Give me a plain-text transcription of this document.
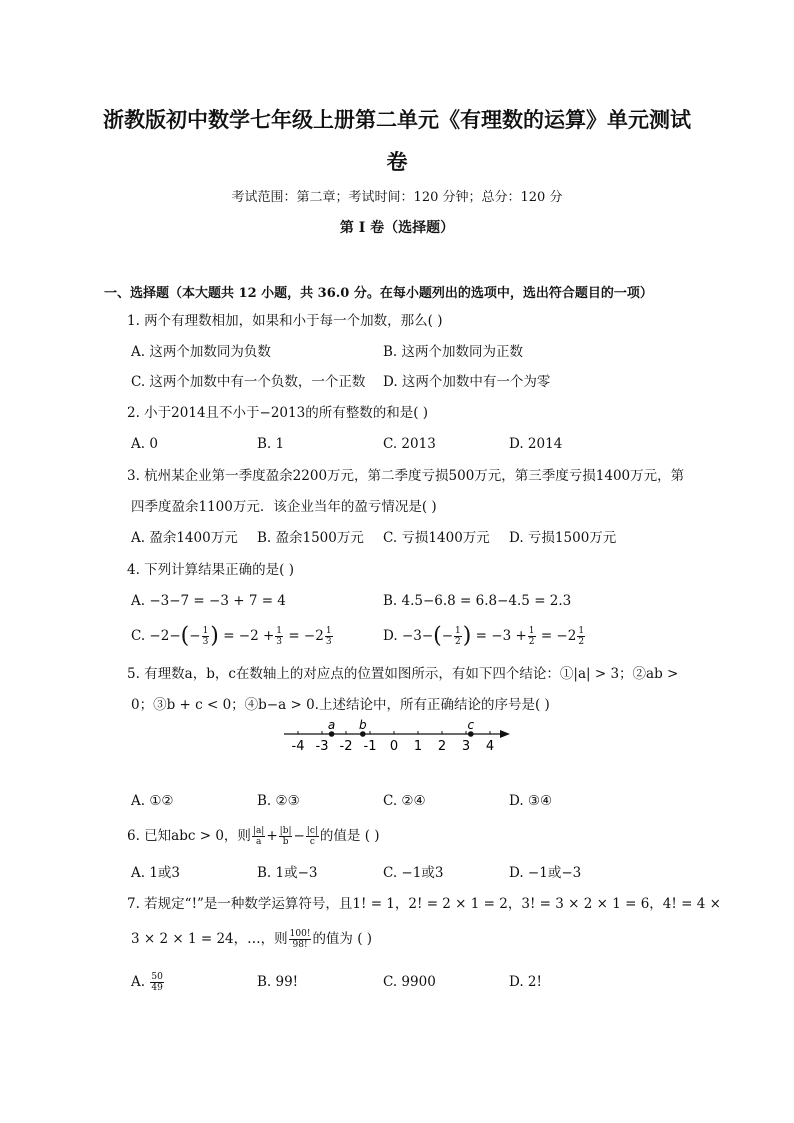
浙教版初中数学七年级上册第二单元《有理数的运算》单元测试
卷
考试范围：第二章；考试时间：120 分钟；总分：120 分
第 I 卷（选择题）
一、选择题（本大题共 12 小题，共 36.0 分。在每小题列出的选项中，选出符合题目的一项）
1. 两个有理数相加，如果和小于每一个加数，那么( )
A. 这两个加数同为负数	B. 这两个加数同为正数
C. 这两个加数中有一个负数，一个正数 D. 这两个加数中有一个为零
2. 小于2014且不小于−2013的所有整数的和是( )
A. 0	B. 1	C. 2013	D. 2014
3. 杭州某企业第一季度盈余2200万元，第二季度亏损500万元，第三季度亏损1400万元，第
四季度盈余1100万元．该企业当年的盈亏情况是( )
A. 盈余1400万元 B. 盈余1500万元 C. 亏损1400万元 D. 亏损1500万元
4. 下列计算结果正确的是( )
A. −3−7 = −3 + 7 = 4	B. 4.5−6.8 = 6.8−4.5 = 2.3
C. $-2-(- \frac{1}{3}$ ) = $-2 + \frac{1}{3} = -2 \frac{1}{3}$	D. $-3-(- \frac{1}{2}$ ) = $-3 + \frac{1}{2} = -2 \frac{1}{2}$
5. 有理数a，b，c在数轴上的对应点的位置如图所示，有如下四个结论：①|a| > 3；②ab >
0；③b + c < 0；④b−a > 0.上述结论中，所有正确结论的序号是( )
-4 -3 -2 -1 0 1 2 3 4
a b	c
A. ①②	B. ②③	C. ②④	D. ③④
6. 已知abc > 0，则 $\frac{|a|}{a} + \frac{|b|}{b} - \frac{|c|}{c}$ 的值是 ( )
A. 1或3	B. 1或−3	C. −1或3	D. −1或−3
7. 若规定“!”是一种数学运算符号，且1! = 1，2! = 2 × 1 = 2，3! = 3 × 2 × 1 = 6，4! = 4 ×
3 × 2 × 1 = 24，…，则 $\frac{100!}{98!}$ 的值为 ( )
A. $\frac{50}{49}$	B. 99!	C. 9900	D. 2!
